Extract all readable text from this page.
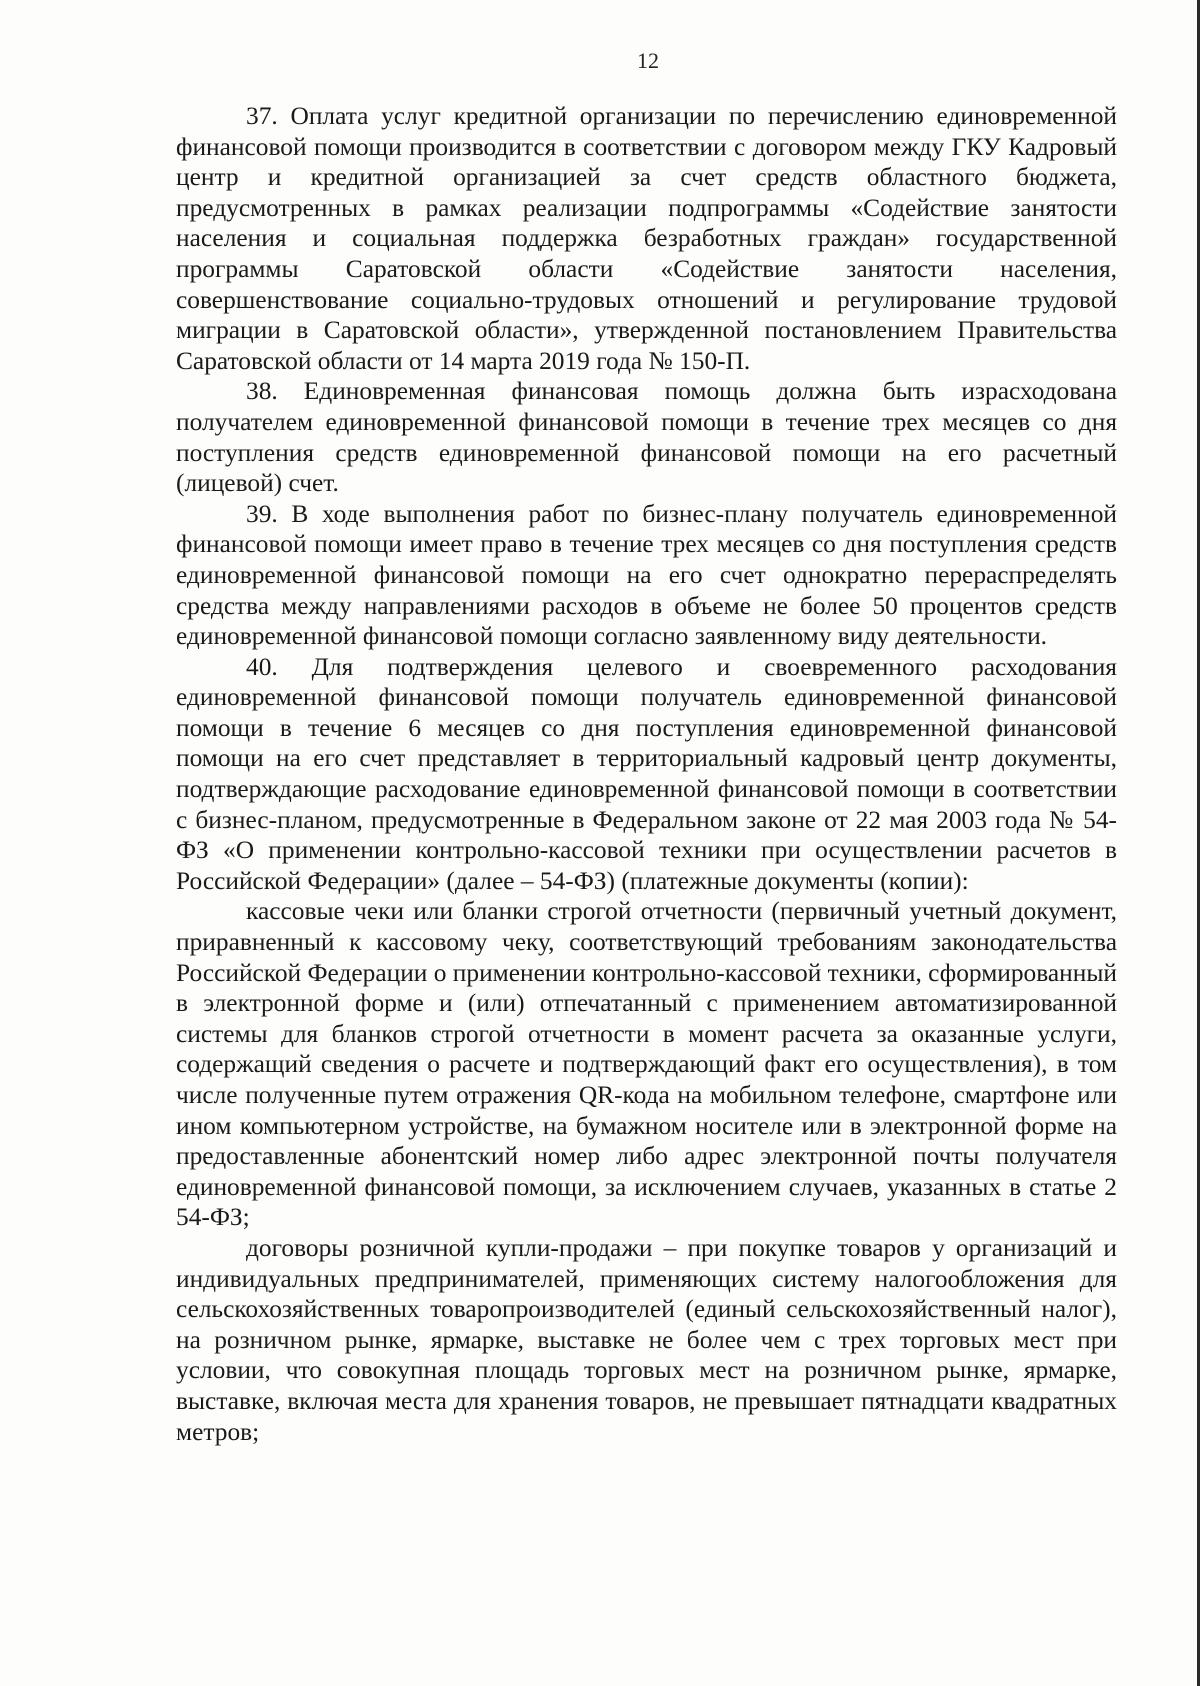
12

37. Оплата услуг кредитной организации по перечислению единовременной финансовой помощи производится в соответствии с договором между ГКУ Кадровый центр и кредитной организацией за счет средств областного бюджета, предусмотренных в рамках реализации подпрограммы «Содействие занятости населения и социальная поддержка безработных граждан» государственной программы Саратовской области «Содействие занятости населения, совершенствование социально-трудовых отношений и регулирование трудовой миграции в Саратовской области», утвержденной постановлением Правительства Саратовской области от 14 марта 2019 года № 150-П.

38. Единовременная финансовая помощь должна быть израсходована получателем единовременной финансовой помощи в течение трех месяцев со дня поступления средств единовременной финансовой помощи на его расчетный (лицевой) счет.

39. В ходе выполнения работ по бизнес-плану получатель единовременной финансовой помощи имеет право в течение трех месяцев со дня поступления средств единовременной финансовой помощи на его счет однократно перераспределять средства между направлениями расходов в объеме не более 50 процентов средств единовременной финансовой помощи согласно заявленному виду деятельности.

40. Для подтверждения целевого и своевременного расходования единовременной финансовой помощи получатель единовременной финансовой помощи в течение 6 месяцев со дня поступления единовременной финансовой помощи на его счет представляет в территориальный кадровый центр документы, подтверждающие расходование единовременной финансовой помощи в соответствии с бизнес-планом, предусмотренные в Федеральном законе от 22 мая 2003 года № 54-ФЗ «О применении контрольно-кассовой техники при осуществлении расчетов в Российской Федерации» (далее – 54-ФЗ) (платежные документы (копии):

кассовые чеки или бланки строгой отчетности (первичный учетный документ, приравненный к кассовому чеку, соответствующий требованиям законодательства Российской Федерации о применении контрольно-кассовой техники, сформированный в электронной форме и (или) отпечатанный с применением автоматизированной системы для бланков строгой отчетности в момент расчета за оказанные услуги, содержащий сведения о расчете и подтверждающий факт его осуществления), в том числе полученные путем отражения QR-кода на мобильном телефоне, смартфоне или ином компьютерном устройстве, на бумажном носителе или в электронной форме на предоставленные абонентский номер либо адрес электронной почты получателя единовременной финансовой помощи, за исключением случаев, указанных в статье 2 54-ФЗ;

договоры розничной купли-продажи – при покупке товаров у организаций и индивидуальных предпринимателей, применяющих систему налогообложения для сельскохозяйственных товаропроизводителей (единый сельскохозяйственный налог), на розничном рынке, ярмарке, выставке не более чем с трех торговых мест при условии, что совокупная площадь торговых мест на розничном рынке, ярмарке, выставке, включая места для хранения товаров, не превышает пятнадцати квадратных метров;
